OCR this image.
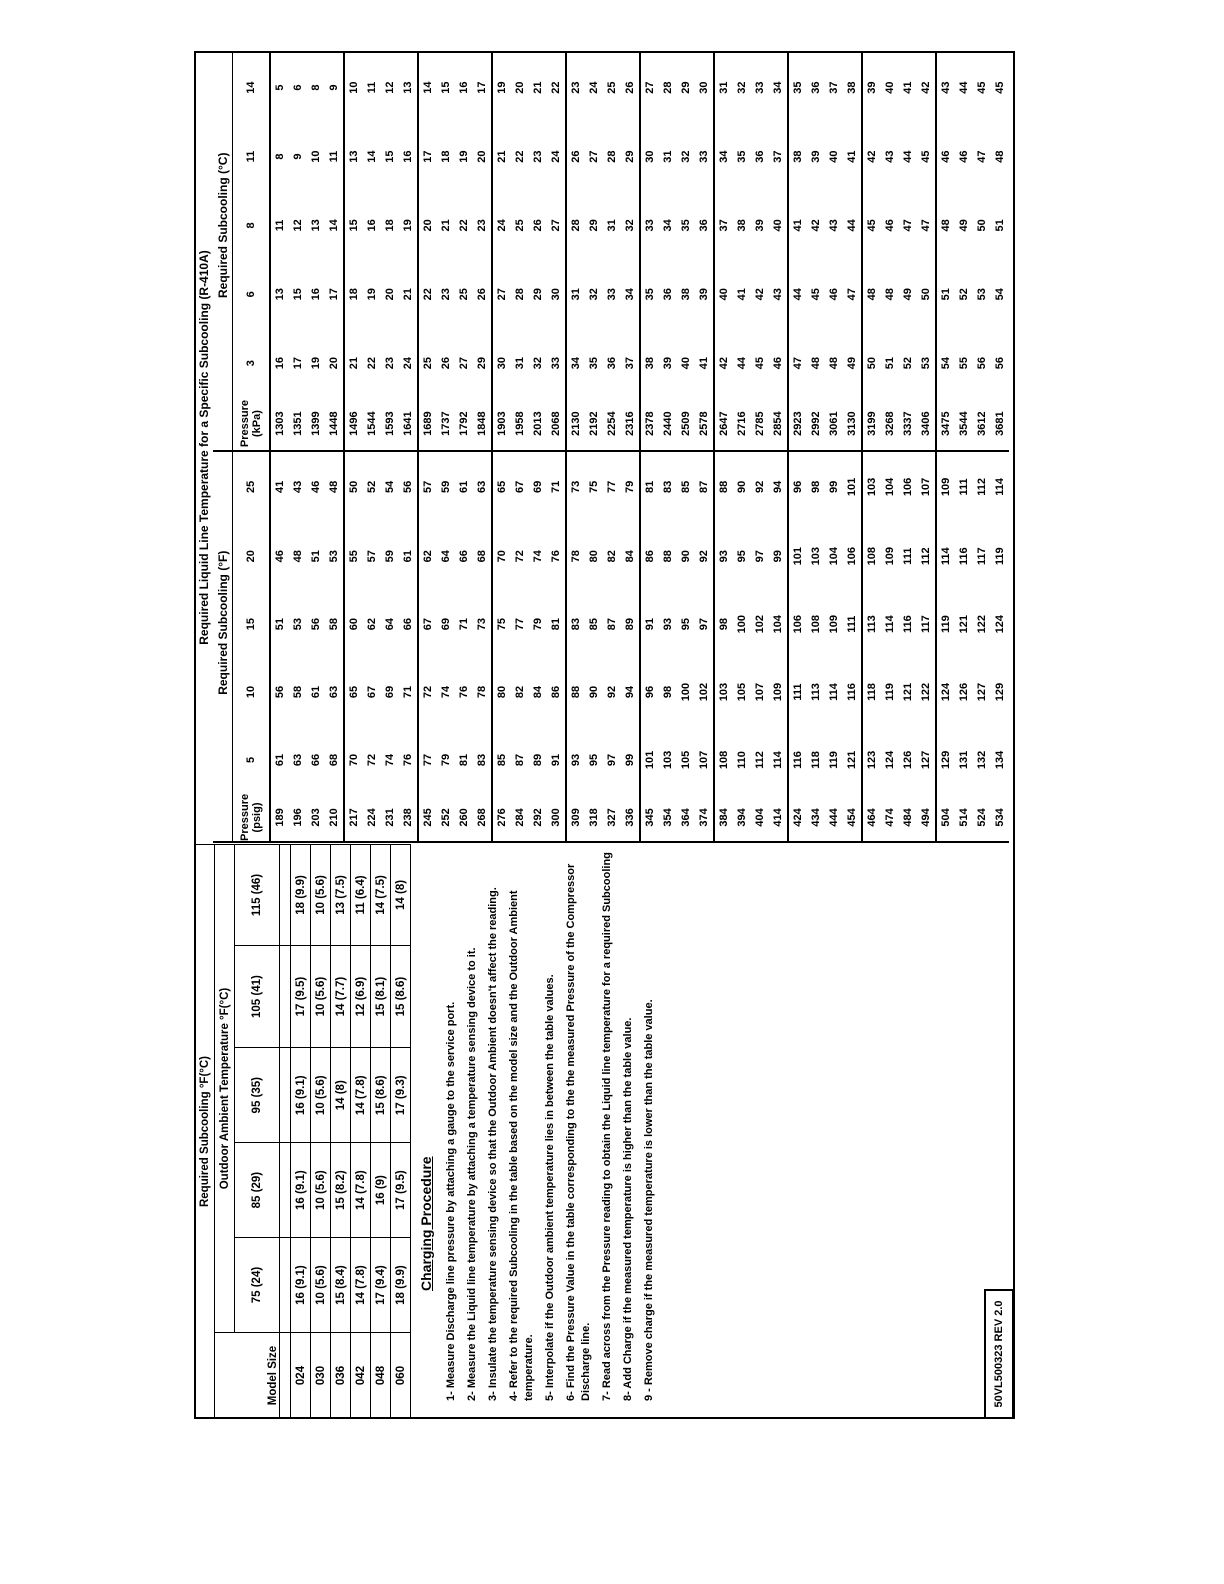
Required Subcooling °F(°C)					
Model Size	Outdoor Ambient Temperature °F(°C)				
	75 (24)	85 (29)	95 (35)	105 (41)	115 (46)

024	16 (9.1)	16 (9.1)	16 (9.1)	17 (9.5)	18 (9.9)
030	10 (5.6)	10 (5.6)	10 (5.6)	10 (5.6)	10 (5.6)
036	15 (8.4)	15 (8.2)	14 (8)	14 (7.7)	13 (7.5)
042	14 (7.8)	14 (7.8)	14 (7.8)	12 (6.9)	11 (6.4)
048	17 (9.4)	16 (9)	15 (8.6)	15 (8.1)	14 (7.5)
060	18 (9.9)	17 (9.5)	17 (9.3)	15 (8.6)	14 (8)
Charging Procedure 1- Measure Discharge line pressure by attaching a gauge to the service port. 2- Measure the Liquid line temperature by attaching a temperature sensing device to it. 3- Insulate the temperature sensing device so that the Outdoor Ambient doesn't affect the reading. 4- Refer to the required Subcooling in the table based on the model size and the Outdoor Ambient temperature. 5- Interpolate if the Outdoor ambient temperature lies in between the table values. 6- Find the Pressure Value in the table corresponding to the the measured Pressure of the Compressor Discharge line. 7- Read across from the Pressure reading to obtain the Liquid line temperature for a required Subcooling 8- Add Charge if the measured temperature is higher than the table value. 9 - Remove charge if the measured temperature is lower than the table value.	50VL500323 REV 2.0
Required Liquid Line Temperature for a Specific Subcooling (R-410A)											
	Required Subcooling (°F)						Required Subcooling (°C)				
Pressure (psig)	5	10	15	20	25	Pressure (kPa)	3	6	8	11	14
189	61	56	51	46	41	1303	16	13	11	8	5
196	63	58	53	48	43	1351	17	15	12	9	6
203	66	61	56	51	46	1399	19	16	13	10	8
210	68	63	58	53	48	1448	20	17	14	11	9
217	70	65	60	55	50	1496	21	18	15	13	10
224	72	67	62	57	52	1544	22	19	16	14	11
231	74	69	64	59	54	1593	23	20	18	15	12
238	76	71	66	61	56	1641	24	21	19	16	13
245	77	72	67	62	57	1689	25	22	20	17	14
252	79	74	69	64	59	1737	26	23	21	18	15
260	81	76	71	66	61	1792	27	25	22	19	16
268	83	78	73	68	63	1848	29	26	23	20	17
276	85	80	75	70	65	1903	30	27	24	21	19
284	87	82	77	72	67	1958	31	28	25	22	20
292	89	84	79	74	69	2013	32	29	26	23	21
300	91	86	81	76	71	2068	33	30	27	24	22
309	93	88	83	78	73	2130	34	31	28	26	23
318	95	90	85	80	75	2192	35	32	29	27	24
327	97	92	87	82	77	2254	36	33	31	28	25
336	99	94	89	84	79	2316	37	34	32	29	26
345	101	96	91	86	81	2378	38	35	33	30	27
354	103	98	93	88	83	2440	39	36	34	31	28
364	105	100	95	90	85	2509	40	38	35	32	29
374	107	102	97	92	87	2578	41	39	36	33	30
384	108	103	98	93	88	2647	42	40	37	34	31
394	110	105	100	95	90	2716	44	41	38	35	32
404	112	107	102	97	92	2785	45	42	39	36	33
414	114	109	104	99	94	2854	46	43	40	37	34
424	116	111	106	101	96	2923	47	44	41	38	35
434	118	113	108	103	98	2992	48	45	42	39	36
444	119	114	109	104	99	3061	48	46	43	40	37
454	121	116	111	106	101	3130	49	47	44	41	38
464	123	118	113	108	103	3199	50	48	45	42	39
474	124	119	114	109	104	3268	51	48	46	43	40
484	126	121	116	111	106	3337	52	49	47	44	41
494	127	122	117	112	107	3406	53	50	47	45	42
504	129	124	119	114	109	3475	54	51	48	46	43
514	131	126	121	116	111	3544	55	52	49	46	44
524	132	127	122	117	112	3612	56	53	50	47	45
534	134	129	124	119	114	3681	56	54	51	48	45
